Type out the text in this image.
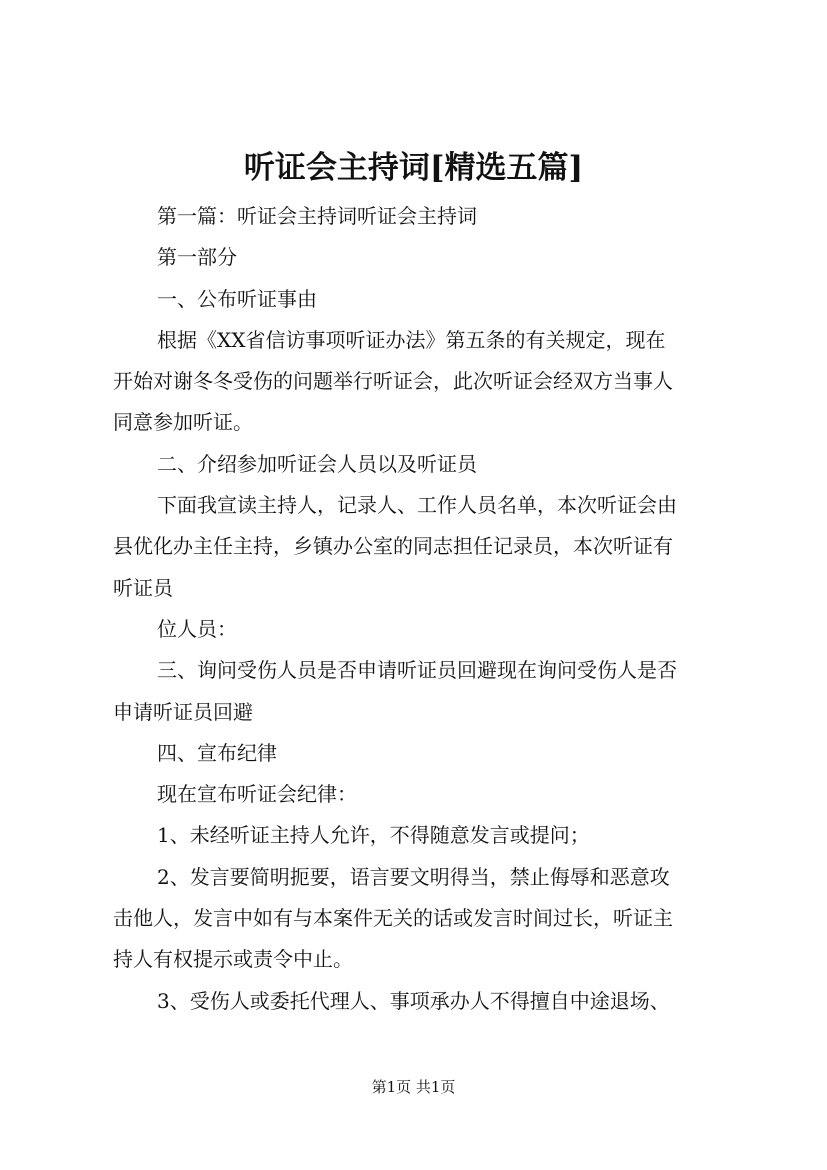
听证会主持词[精选五篇]
第一篇：听证会主持词听证会主持词
第一部分
一、公布听证事由
根据《XX省信访事项听证办法》第五条的有关规定，现在
开始对谢冬冬受伤的问题举行听证会，此次听证会经双方当事人
同意参加听证。
二、介绍参加听证会人员以及听证员
下面我宣读主持人，记录人、工作人员名单，本次听证会由
县优化办主任主持，乡镇办公室的同志担任记录员，本次听证有
听证员
位人员：
三、询问受伤人员是否申请听证员回避现在询问受伤人是否
申请听证员回避
四、宣布纪律
现在宣布听证会纪律：
1、未经听证主持人允许，不得随意发言或提问；
2、发言要简明扼要，语言要文明得当，禁止侮辱和恶意攻
击他人，发言中如有与本案件无关的话或发言时间过长，听证主
持人有权提示或责令中止。
3、受伤人或委托代理人、事项承办人不得擅自中途退场、
第1页 共1页
